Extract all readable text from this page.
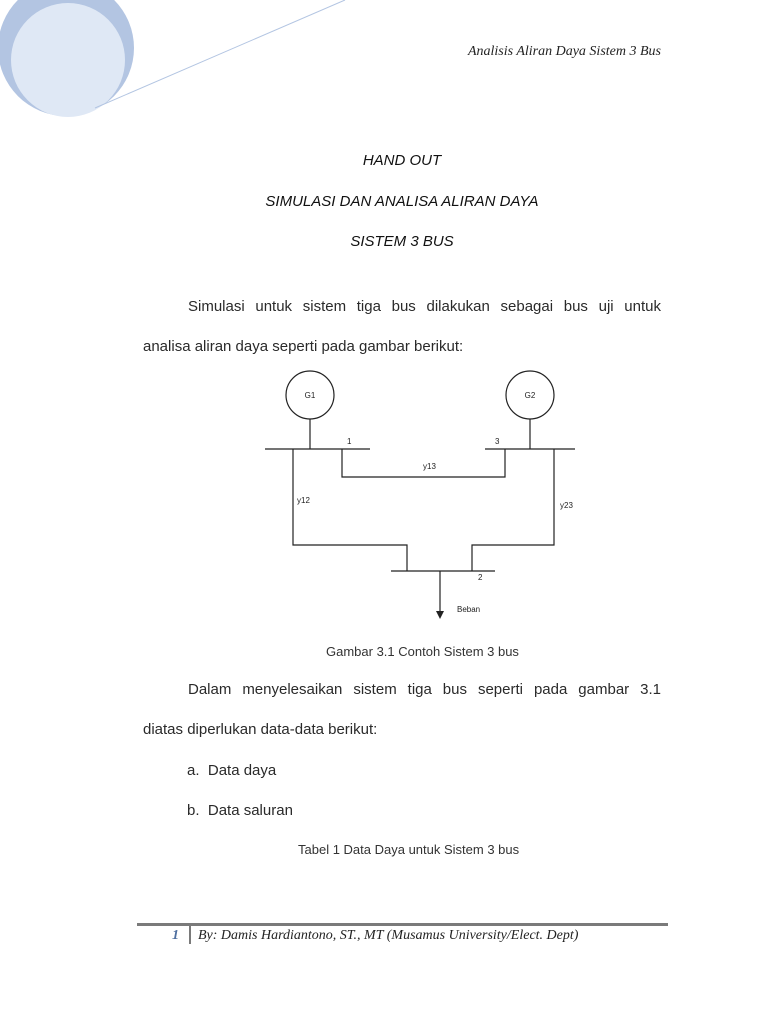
Analisis Aliran Daya Sistem 3 Bus
HAND OUT
SIMULASI DAN ANALISA ALIRAN DAYA
SISTEM 3 BUS
Simulasi untuk sistem tiga bus dilakukan sebagai bus uji untuk
analisa aliran daya seperti pada gambar berikut:
G1	G2
1	3
y13
y12
y23
2
Beban
Gambar 3.1 Contoh Sistem 3 bus
Dalam menyelesaikan sistem tiga bus seperti pada gambar 3.1
diatas diperlukan data-data berikut:
a. Data daya
b. Data saluran
Tabel 1 Data Daya untuk Sistem 3 bus
1 By: Damis Hardiantono, ST., MT (Musamus University/Elect. Dept)
